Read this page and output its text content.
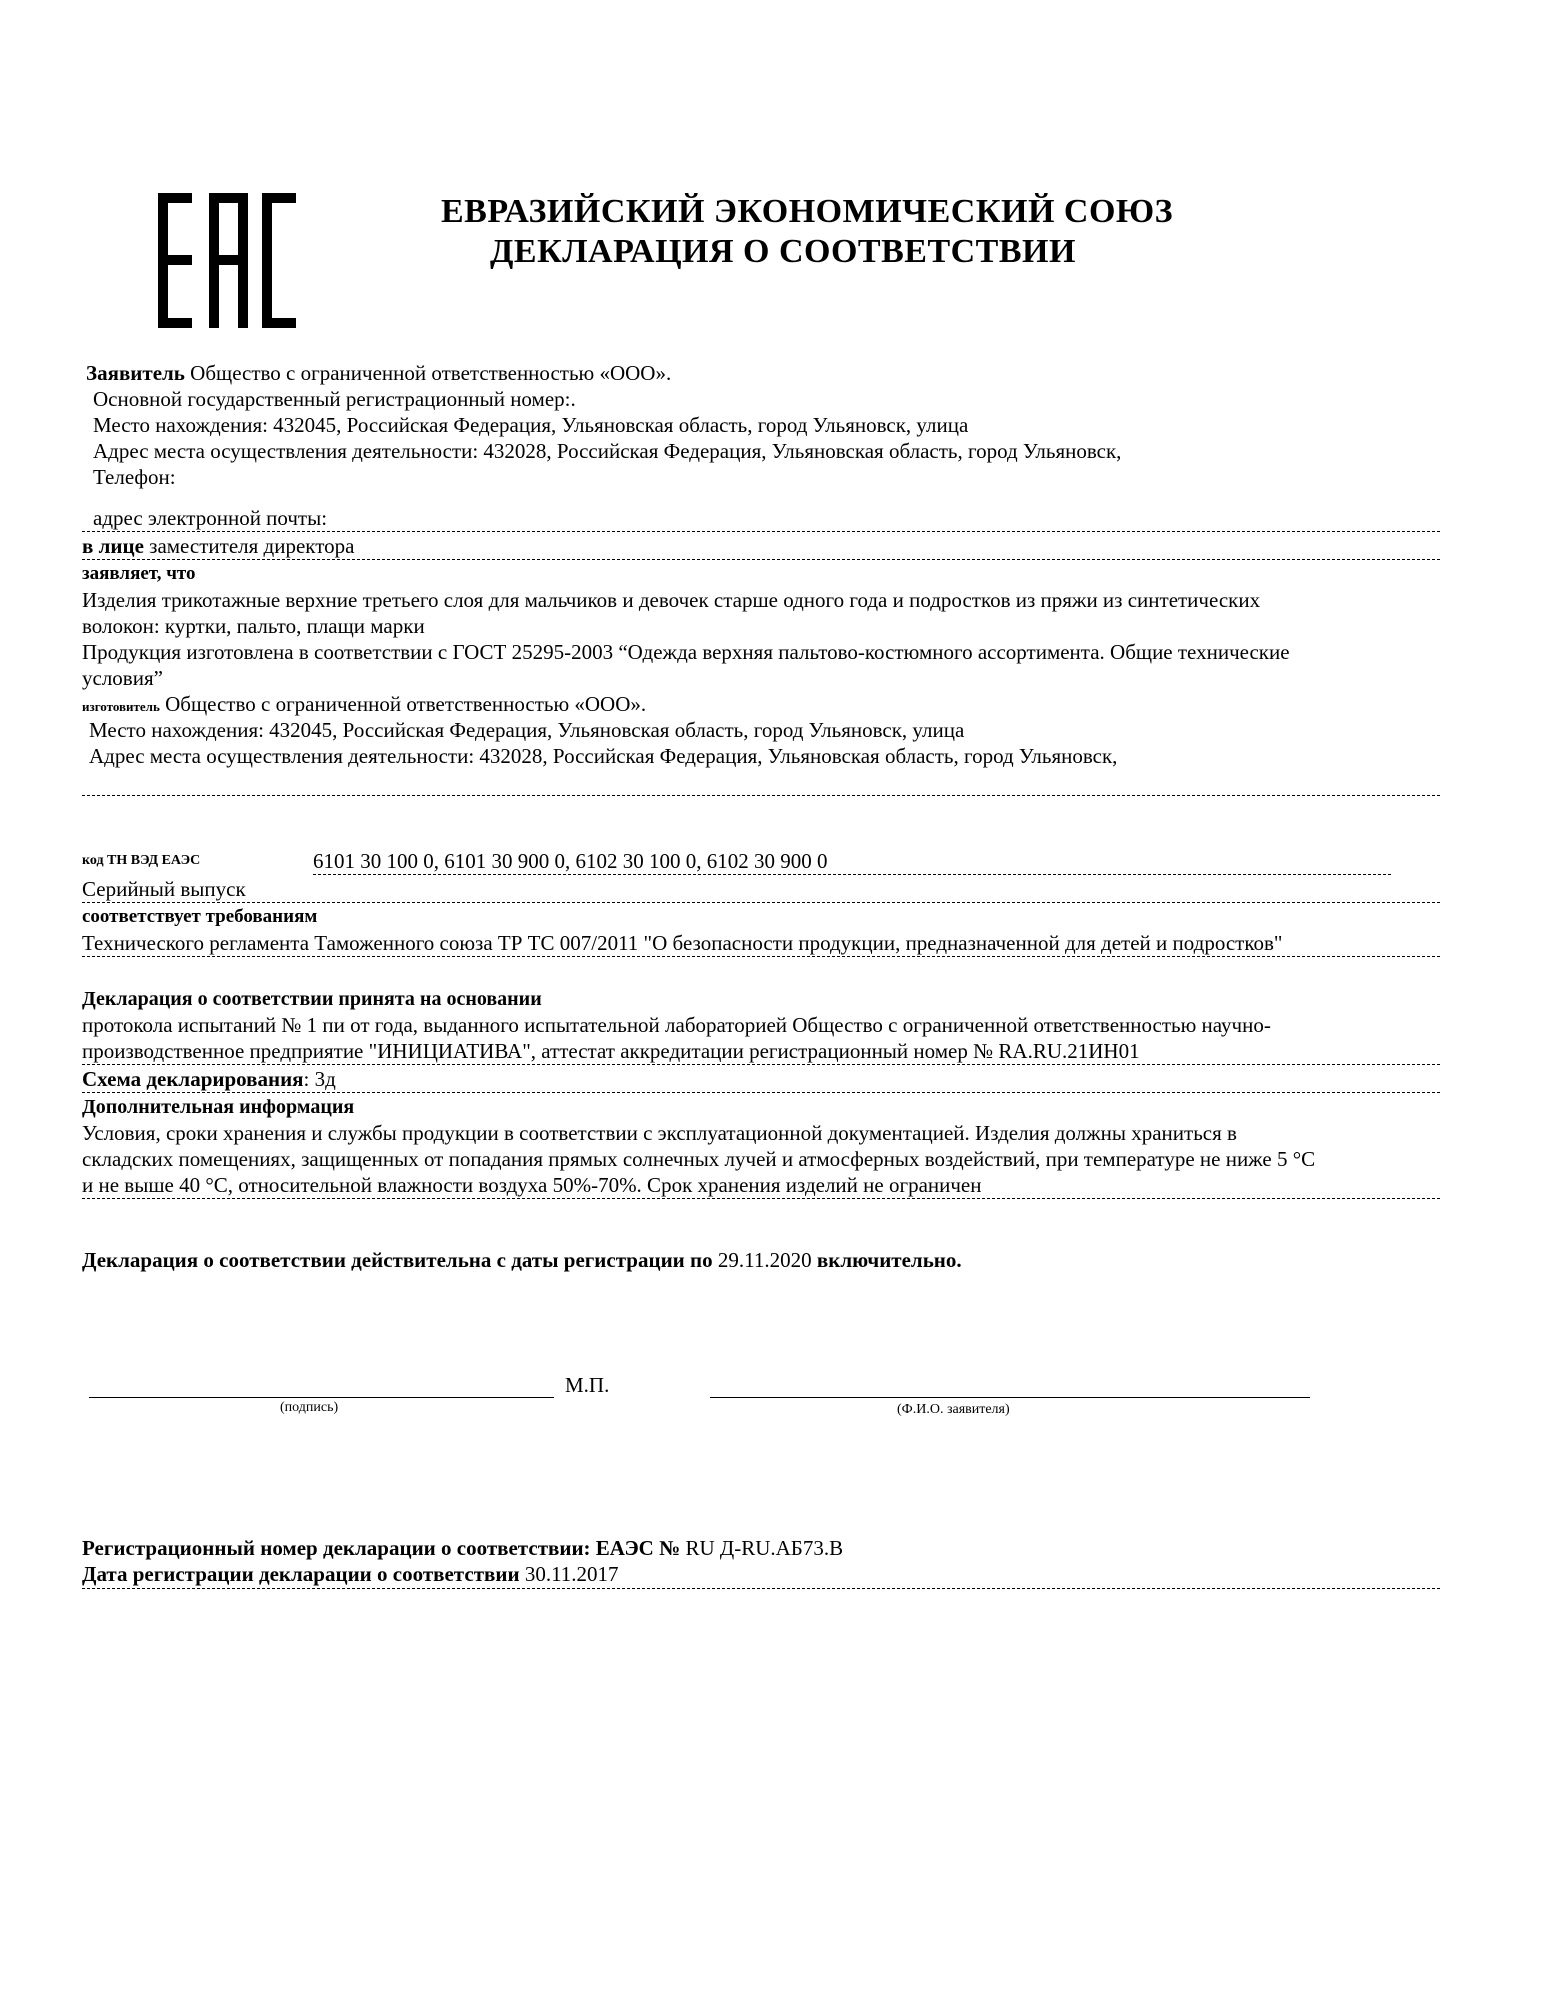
ЕВРАЗИЙСКИЙ ЭКОНОМИЧЕСКИЙ СОЮЗ
ДЕКЛАРАЦИЯ О СООТВЕТСТВИИ
Заявитель Общество с ограниченной ответственностью «ООО».
Основной государственный регистрационный номер:.
Место нахождения: 432045, Российская Федерация, Ульяновская область, город Ульяновск, улица
Адрес места осуществления деятельности: 432028, Российская Федерация, Ульяновская область, город Ульяновск,
Телефон:
адрес электронной почты:
в лице заместителя директора
заявляет, что
Изделия трикотажные верхние третьего слоя для мальчиков и девочек старше одного года и подростков из пряжи из синтетических
волокон: куртки, пальто, плащи марки
Продукция изготовлена в соответствии с ГОСТ 25295-2003 “Одежда верхняя пальтово-костюмного ассортимента. Общие технические
условия”
изготовитель Общество с ограниченной ответственностью «ООО».
Место нахождения: 432045, Российская Федерация, Ульяновская область, город Ульяновск, улица
Адрес места осуществления деятельности: 432028, Российская Федерация, Ульяновская область, город Ульяновск,
код ТН ВЭД ЕАЭС	6101 30 100 0, 6101 30 900 0, 6102 30 100 0, 6102 30 900 0
Серийный выпуск
соответствует требованиям
Технического регламента Таможенного союза ТР ТС 007/2011 "О безопасности продукции, предназначенной для детей и подростков"
Декларация о соответствии принята на основании
протокола испытаний № 1 пи от года, выданного испытательной лабораторией Общество с ограниченной ответственностью научно-
производственное предприятие "ИНИЦИАТИВА", аттестат аккредитации регистрационный номер № RA.RU.21ИН01
Схема декларирования: 3д
Дополнительная информация
Условия, сроки хранения и службы продукции в соответствии с эксплуатационной документацией. Изделия должны храниться в
складских помещениях, защищенных от попадания прямых солнечных лучей и атмосферных воздействий, при температуре не ниже 5 °С
и не выше 40 °С, относительной влажности воздуха 50%-70%. Срок хранения изделий не ограничен
Декларация о соответствии действительна с даты регистрации по 29.11.2020 включительно.
М.П.
(подпись)	(Ф.И.О. заявителя)
Регистрационный номер декларации о соответствии: ЕАЭС № RU Д-RU.АБ73.В
Дата регистрации декларации о соответствии 30.11.2017
